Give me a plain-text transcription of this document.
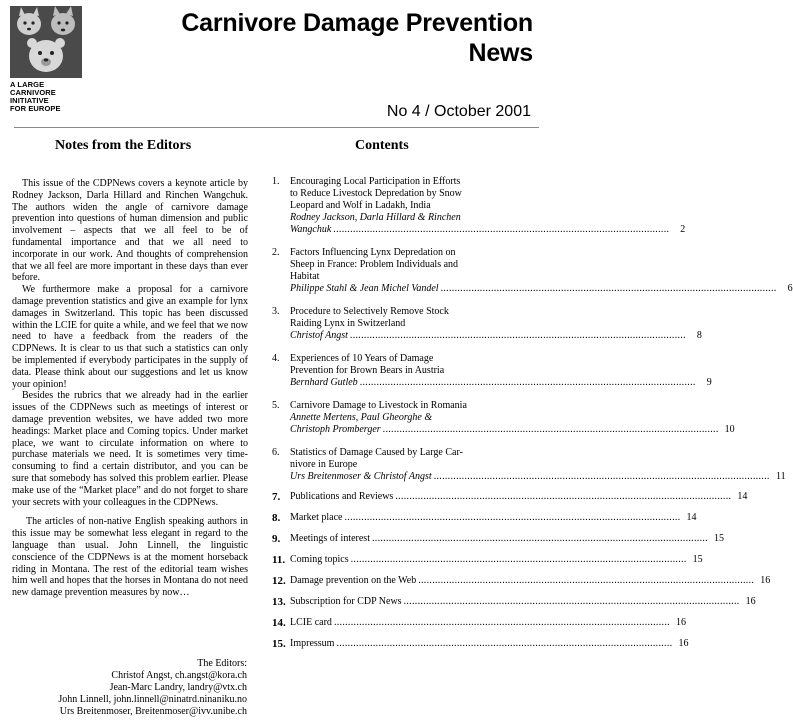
A LARGE
CARNIVORE
INITIATIVE
FOR EUROPE
Carnivore Damage Prevention
News
No 4 / October 2001
Notes from the Editors	Contents

This issue of the CDPNews covers a keynote article by Rodney Jackson, Darla Hillard and Rinchen Wangchuk. The authors widen the angle of carnivore damage prevention into questions of human dimension and public involvement – aspects that we all feel to be of fundamental importance and that we all need to incorporate in our work. And thoughts of comprehension that we all feel are more important in these days than ever before.

We furthermore make a proposal for a carnivore damage prevention statistics and give an example for lynx damages in Switzerland. This topic has been discussed within the LCIE for quite a while, and we feel that we now need to have a feedback from the readers of the CDPNews. It is clear to us that such a statistics can only be implemented if everybody participates in the supply of data. Please think about our suggestions and let us know your opinion!

Besides the rubrics that we already had in the earlier issues of the CDPNews such as meetings of interest or damage prevention websites, we have added two more headings: Market place and Coming topics. Under market place, we want to circulate information on where to purchase materials we need. It is sometimes very time-consuming to find a certain distributor, and you can be sure that somebody has solved this problem earlier. Please make use of the “Market place” and do not forget to share your secrets with your colleagues in the CDPNews.

The articles of non-native English speaking authors in this issue may be somewhat less elegant in regard to the language than usual. John Linnell, the linguistic conscience of the CDPNews is at the moment horseback riding in Montana. The rest of the editorial team wishes him well and hopes that the horses in Montana do not need new damage prevention measures by now…

The Editors:
Christof Angst, ch.angst@kora.ch
Jean-Marc Landry, landry@vtx.ch
John Linnell, john.linnell@ninatrd.ninaniku.no
Urs Breitenmoser, Breitenmoser@ivv.unibe.ch
1.	Encouraging Local Participation in Efforts
to Reduce Livestock Depredation by Snow
Leopard and Wolf in Ladakh, India
Rodney Jackson, Darla Hillard & Rinchen
Wangchuk ........................................................................................................................	2
2.	Factors Influencing Lynx Depredation on
Sheep in France: Problem Individuals and
Habitat
Philippe Stahl & Jean Michel Vandel ........................................................................................................................	6
3.	Procedure to Selectively Remove Stock
Raiding Lynx in Switzerland
Christof Angst ........................................................................................................................	8
4.	Experiences of 10 Years of Damage
Prevention for Brown Bears in Austria
Bernhard Gutleb ........................................................................................................................	9
5.	Carnivore Damage to Livestock in Romania
Annette Mertens, Paul Gheorghe &
Christoph Promberger ........................................................................................................................ 10
6.	Statistics of Damage Caused by Large Car-
nivore in Europe
Urs Breitenmoser & Christof Angst ........................................................................................................................ 11
7. Publications and Reviews ........................................................................................................................ 14
8. Market place ........................................................................................................................ 14
9. Meetings of interest ........................................................................................................................ 15
11. Coming topics ........................................................................................................................ 15
12. Damage prevention on the Web ........................................................................................................................ 16
13. Subscription for CDP News ........................................................................................................................ 16
14. LCIE card ........................................................................................................................ 16
15. Impressum ........................................................................................................................ 16
